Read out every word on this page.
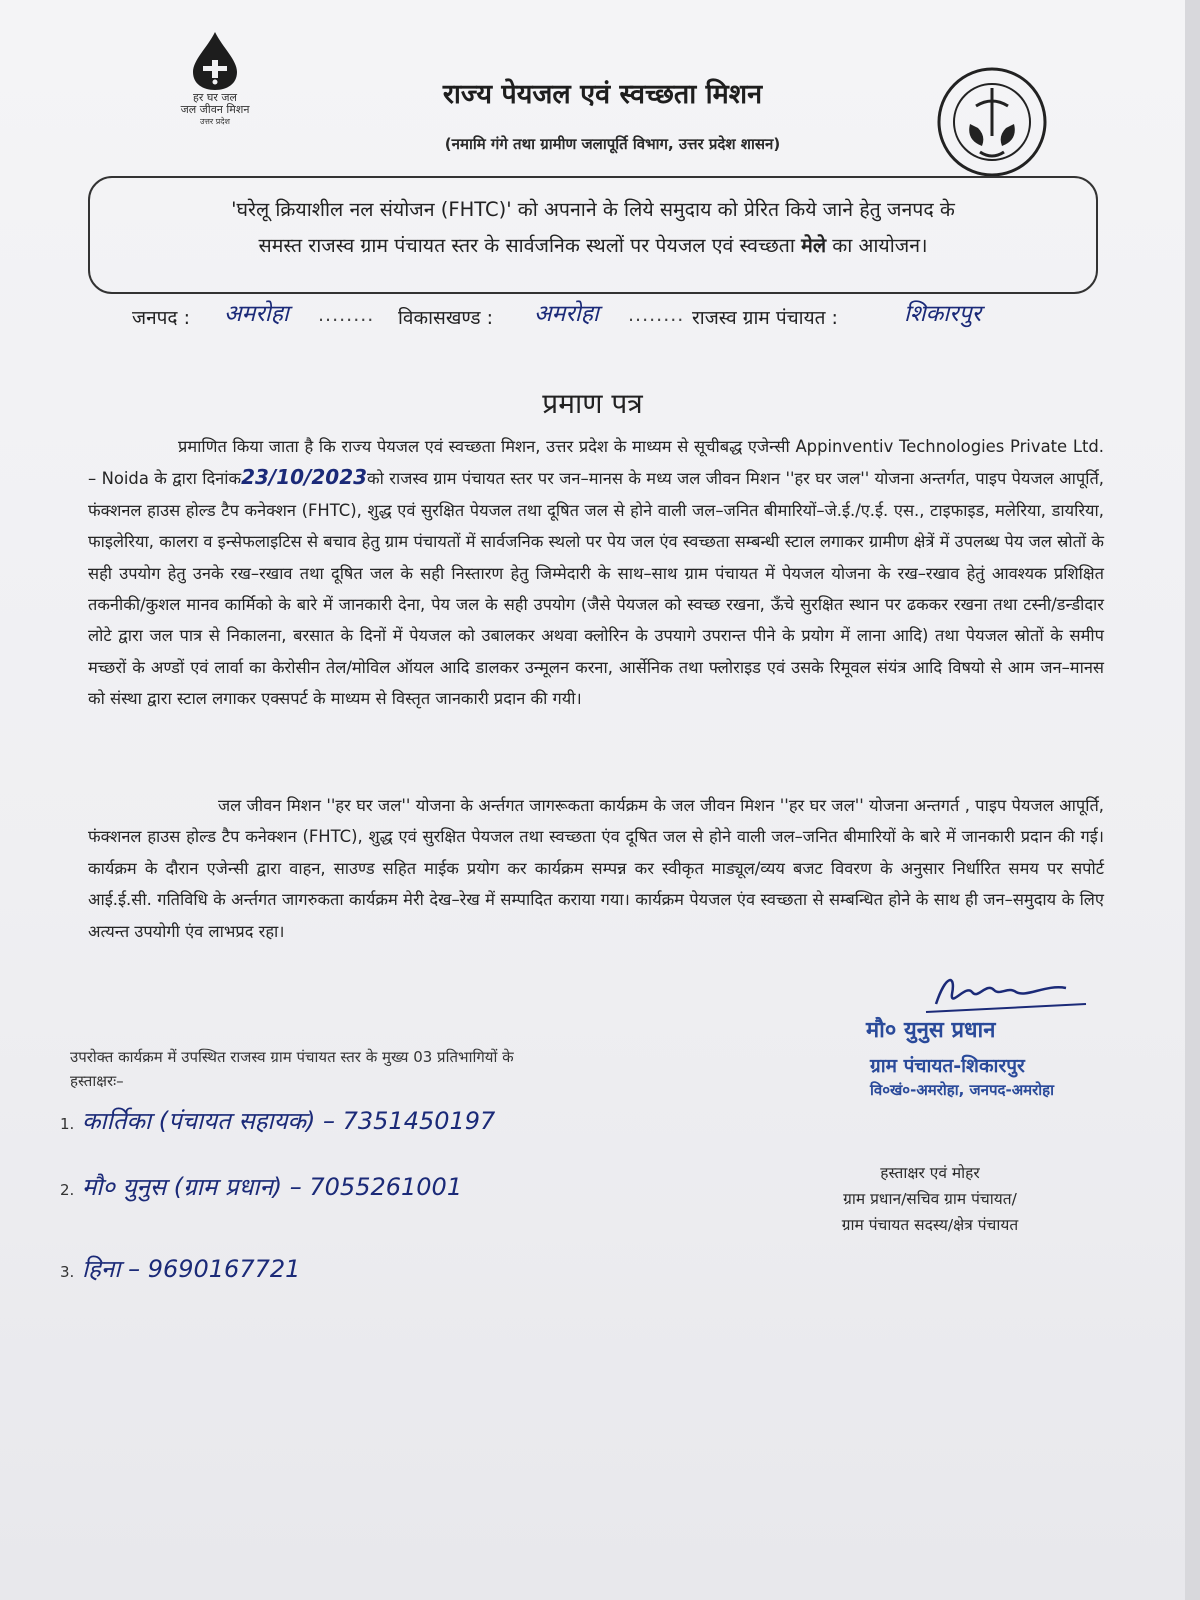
हर घर जल
जल जीवन मिशन
उत्तर प्रदेश
राज्य पेयजल एवं स्वच्छता मिशन
(नमामि गंगे तथा ग्रामीण जलापूर्ति विभाग, उत्तर प्रदेश शासन)
'घरेलू क्रियाशील नल संयोजन (FHTC)' को अपनाने के लिये समुदाय को प्रेरित किये जाने हेतु जनपद के
समस्त राजस्व ग्राम पंचायत स्तर के सार्वजनिक स्थलों पर पेयजल एवं स्वच्छता मेले का आयोजन।
जनपद : अमरोहा ........ विकासखण्ड : अमरोहा ........ राजस्व ग्राम पंचायत :	शिकारपुर
प्रमाण पत्र
प्रमाणित किया जाता है कि राज्य पेयजल एवं स्वच्छता मिशन, उत्तर प्रदेश के माध्यम से सूचीबद्ध एजेन्सी Appinventiv Technologies Private Ltd. – Noida के द्वारा दिनांक23/10/2023को राजस्व ग्राम पंचायत स्तर पर जन–मानस के मध्य जल जीवन मिशन ''हर घर जल'' योजना अन्तर्गत, पाइप पेयजल आपूर्ति, फंक्शनल हाउस होल्ड टैप कनेक्शन (FHTC), शुद्ध एवं सुरक्षित पेयजल तथा दूषित जल से होने वाली जल–जनित बीमारियों–जे.ई./ए.ई. एस., टाइफाइड, मलेरिया, डायरिया, फाइलेरिया, कालरा व इन्सेफलाइटिस से बचाव हेतु ग्राम पंचायतों में सार्वजनिक स्थलो पर पेय जल एंव स्वच्छता सम्बन्धी स्टाल लगाकर ग्रामीण क्षेत्रें में उपलब्ध पेय जल स्रोतों के सही उपयोग हेतु उनके रख–रखाव तथा दूषित जल के सही निस्तारण हेतु जिम्मेदारी के साथ–साथ ग्राम पंचायत में पेयजल योजना के रख–रखाव हेतुं आवश्यक प्रशिक्षित तकनीकी/कुशल मानव कार्मिको के बारे में जानकारी देना, पेय जल के सही उपयोग (जैसे पेयजल को स्वच्छ रखना, ऊँचे सुरक्षित स्थान पर ढककर रखना तथा टस्नी/डन्डीदार लोटे द्वारा जल पात्र से निकालना, बरसात के दिनों में पेयजल को उबालकर अथवा क्लोरिन के उपयागे उपरान्त पीने के प्रयोग में लाना आदि) तथा पेयजल स्रोतों के समीप मच्छरों के अण्डों एवं लार्वा का केरोसीन तेल/मोविल ऑयल आदि डालकर उन्मूलन करना, आर्सेनिक तथा फ्लोराइड एवं उसके रिमूवल संयंत्र आदि विषयो से आम जन–मानस को संस्था द्वारा स्टाल लगाकर एक्सपर्ट के माध्यम से विस्तृत जानकारी प्रदान की गयी।
जल जीवन मिशन ''हर घर जल'' योजना के अर्न्तगत जागरूकता कार्यक्रम के जल जीवन मिशन ''हर घर जल'' योजना अन्तगर्त , पाइप पेयजल आपूर्ति, फंक्शनल हाउस होल्ड टैप कनेक्शन (FHTC), शुद्ध एवं सुरक्षित पेयजल तथा स्वच्छता एंव दूषित जल से होने वाली जल–जनित बीमारियों के बारे में जानकारी प्रदान की गई। कार्यक्रम के दौरान एजेन्सी द्वारा वाहन, साउण्ड सहित माईक प्रयोग कर कार्यक्रम सम्पन्न कर स्वीकृत माड्यूल/व्यय बजट विवरण के अनुसार निर्धारित समय पर सपोर्ट आई.ई.सी. गतिविधि के अर्न्तगत जागरुकता कार्यक्रम मेरी देख–रेख में सम्पादित कराया गया। कार्यक्रम पेयजल एंव स्वच्छता से सम्बन्धित होने के साथ ही जन–समुदाय के लिए अत्यन्त उपयोगी एंव लाभप्रद रहा।
मौ० युनुस प्रधान
ग्राम पंचायत-शिकारपुर
वि०खं०-अमरोहा, जनपद-अमरोहा
उपरोक्त कार्यक्रम में उपस्थित राजस्व ग्राम पंचायत स्तर के मुख्य 03 प्रतिभागियों के
हस्ताक्षरः–
1. कार्तिका (पंचायत सहायक) – 7351450197
2. मौ० युनुस (ग्राम प्रधान) – 7055261001
3. हिना – 9690167721
हस्ताक्षर एवं मोहर
ग्राम प्रधान/सचिव ग्राम पंचायत/
ग्राम पंचायत सदस्य/क्षेत्र पंचायत
